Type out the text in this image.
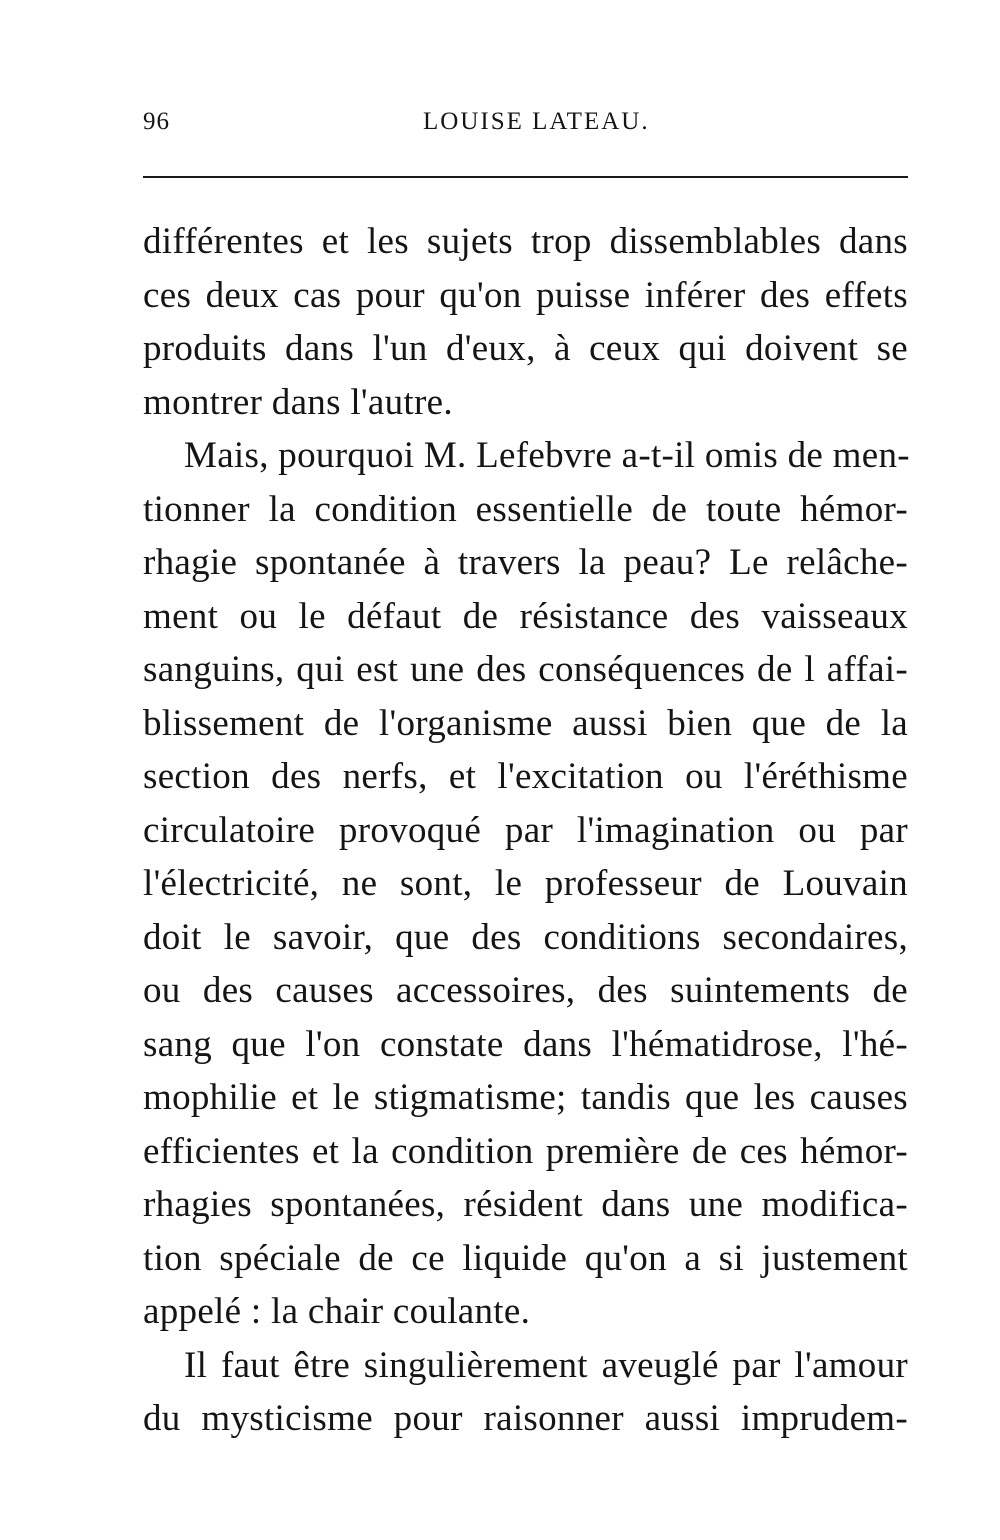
96	LOUISE LATEAU.
différentes et les sujets trop dissemblables dans
ces deux cas pour qu'on puisse inférer des effets
produits dans l'un d'eux, à ceux qui doivent se
montrer dans l'autre.
Mais, pourquoi M. Lefebvre a-t-il omis de men-
tionner la condition essentielle de toute hémor-
rhagie spontanée à travers la peau? Le relâche-
ment ou le défaut de résistance des vaisseaux
sanguins, qui est une des conséquences de l affai-
blissement de l'organisme aussi bien que de la
section des nerfs, et l'excitation ou l'éréthisme
circulatoire provoqué par l'imagination ou par
l'électricité, ne sont, le professeur de Louvain
doit le savoir, que des conditions secondaires,
ou des causes accessoires, des suintements de
sang que l'on constate dans l'hématidrose, l'hé-
mophilie et le stigmatisme; tandis que les causes
efficientes et la condition première de ces hémor-
rhagies spontanées, résident dans une modifica-
tion spéciale de ce liquide qu'on a si justement
appelé : la chair coulante.
Il faut être singulièrement aveuglé par l'amour
du mysticisme pour raisonner aussi imprudem-
